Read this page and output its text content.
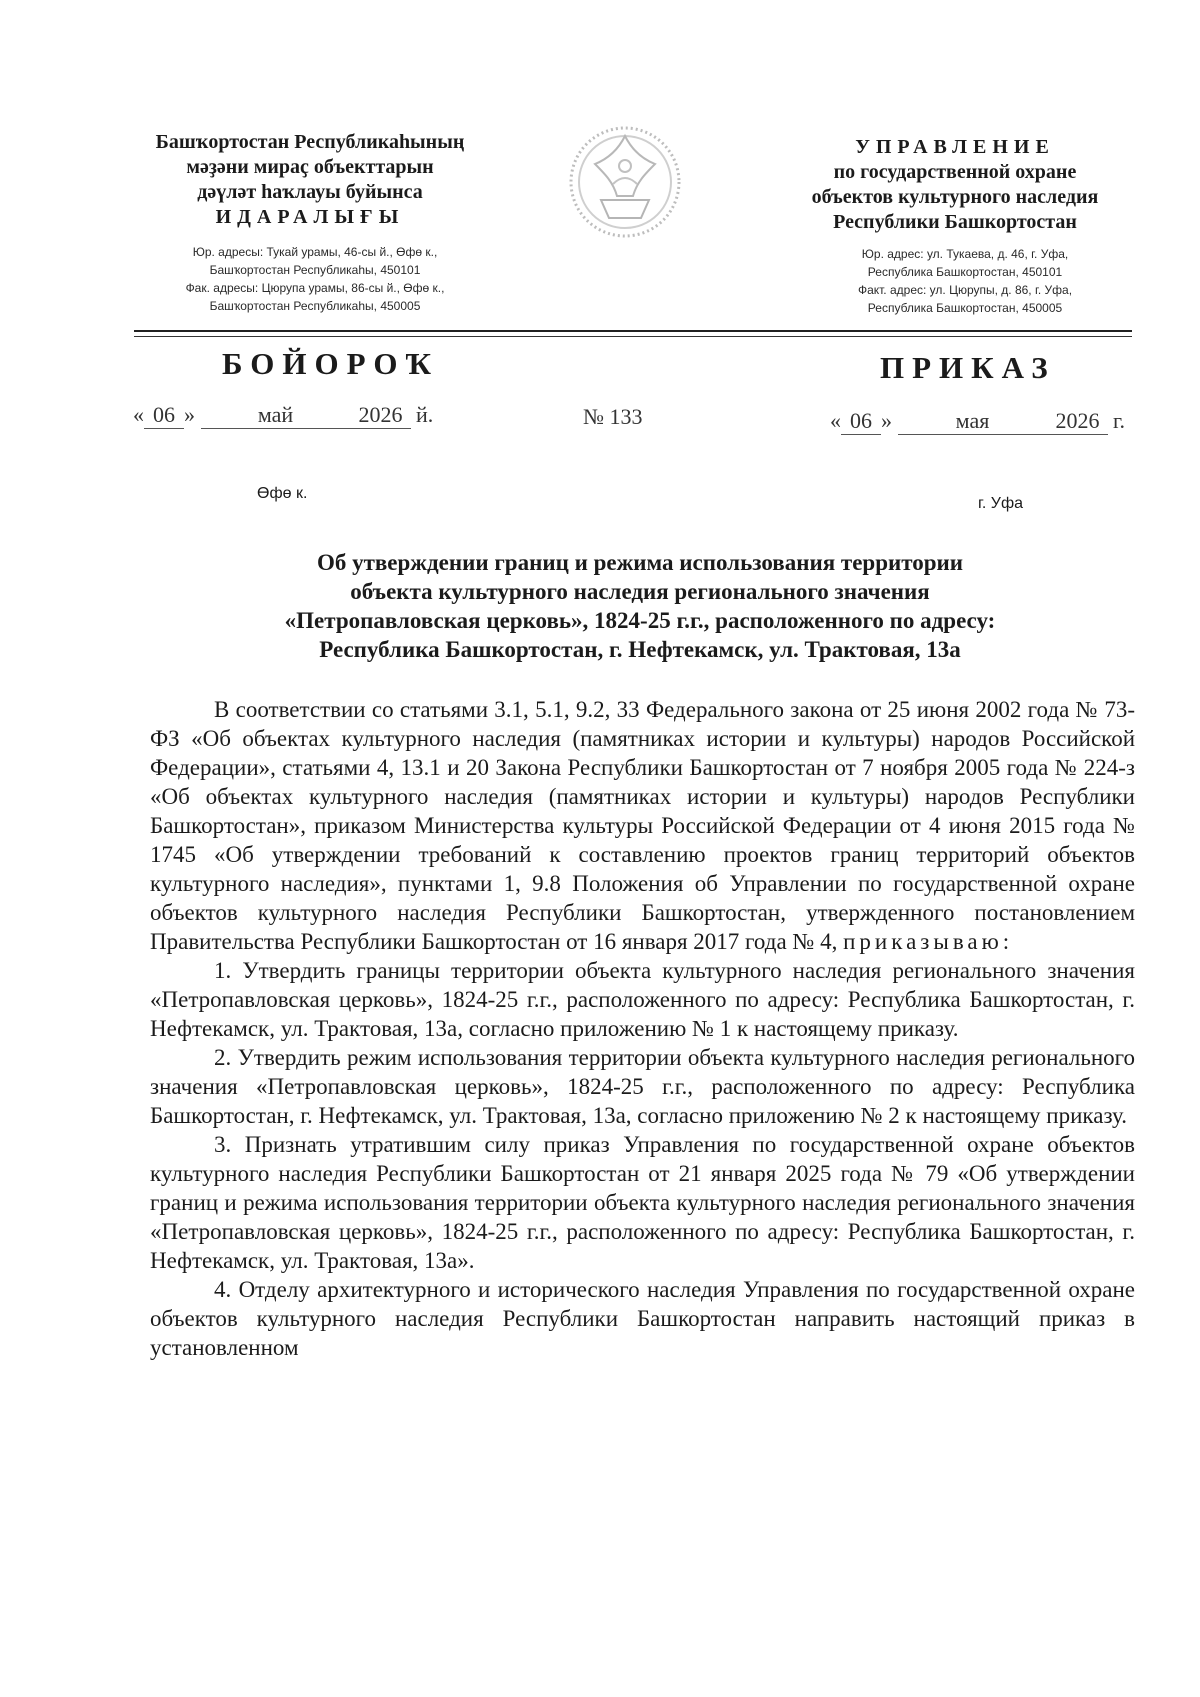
Башҡортостан Республикаһының
мәҙәни мираҫ объекттарын
дәүләт һаҡлауы буйынса
ИДАРАЛЫҒЫ
Юр. адресы: Тукай урамы, 46-сы й., Өфө к.,
Башҡортостан Республикаһы, 450101
Фак. адресы: Цюрупа урамы, 86-сы й., Өфө к.,
Башҡортостан Республикаһы, 450005
УПРАВЛЕНИЕ
по государственной охране
объектов культурного наследия
Республики Башкортостан
Юр. адрес: ул. Тукаева, д. 46, г. Уфа,
Республика Башкортостан, 450101
Факт. адрес: ул. Цюрупы, д. 86, г. Уфа,
Республика Башкортостан, 450005
БОЙОРОҠ	ПРИКАЗ
« 06 »	май	2026 й.	№ 133	« 06 »	мая	2026 г.
Өфө к.
г. Уфа
Об утверждении границ и режима использования территории
объекта культурного наследия регионального значения
«Петропавловская церковь», 1824-25 г.г., расположенного по адресу:
Республика Башкортостан, г. Нефтекамск, ул. Трактовая, 13а

В соответствии со статьями 3.1, 5.1, 9.2, 33 Федерального закона от 25 июня 2002 года № 73-ФЗ «Об объектах культурного наследия (памятниках истории и культуры) народов Российской Федерации», статьями 4, 13.1 и 20 Закона Республики Башкортостан от 7 ноября 2005 года № 224-з «Об объектах культурного наследия (памятниках истории и культуры) народов Республики Башкортостан», приказом Министерства культуры Российской Федерации от 4 июня 2015 года № 1745 «Об утверждении требований к составлению проектов границ территорий объектов культурного наследия», пунктами 1, 9.8 Положения об Управлении по государственной охране объектов культурного наследия Республики Башкортостан, утвержденного постановлением Правительства Республики Башкортостан от 16 января 2017 года № 4, приказываю:

1. Утвердить границы территории объекта культурного наследия регионального значения «Петропавловская церковь», 1824-25 г.г., расположенного по адресу: Республика Башкортостан, г. Нефтекамск, ул. Трактовая, 13а, согласно приложению № 1 к настоящему приказу.

2. Утвердить режим использования территории объекта культурного наследия регионального значения «Петропавловская церковь», 1824-25 г.г., расположенного по адресу: Республика Башкортостан, г. Нефтекамск, ул. Трактовая, 13а, согласно приложению № 2 к настоящему приказу.

3. Признать утратившим силу приказ Управления по государственной охране объектов культурного наследия Республики Башкортостан от 21 января 2025 года № 79 «Об утверждении границ и режима использования территории объекта культурного наследия регионального значения «Петропавловская церковь», 1824-25 г.г., расположенного по адресу: Республика Башкортостан, г. Нефтекамск, ул. Трактовая, 13а».

4. Отделу архитектурного и исторического наследия Управления по государственной охране объектов культурного наследия Республики Башкортостан направить настоящий приказ в установленном
